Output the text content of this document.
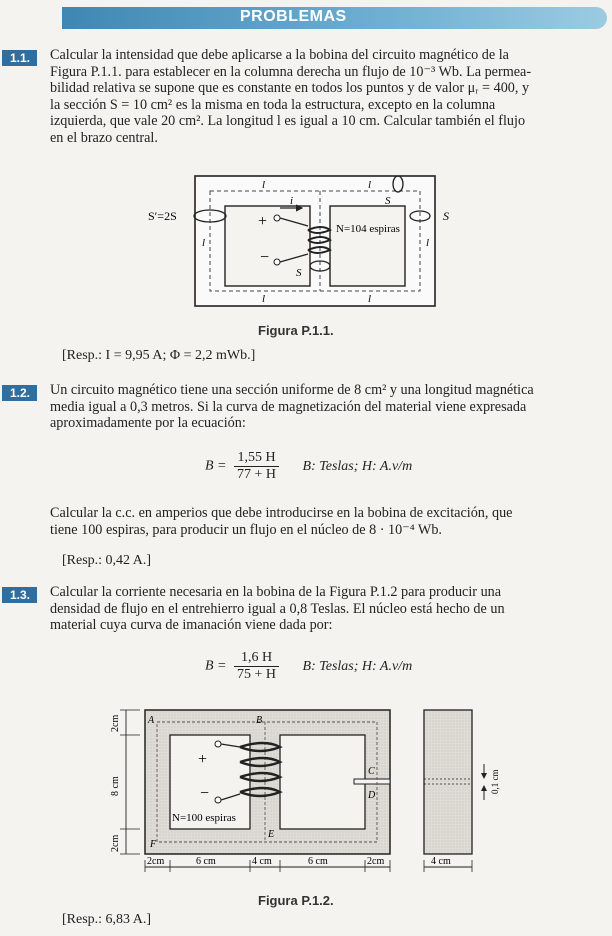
PROBLEMAS
1.1.	Calcular la intensidad que debe aplicarse a la bobina del circuito magnético de la
Figura P.1.1. para establecer en la columna derecha un flujo de 10⁻³ Wb. La permea-
bilidad relativa se supone que es constante en todos los puntos y de valor μᵣ = 400, y
la sección S = 10 cm² es la misma en toda la estructura, excepto en la columna
izquierda, que vale 20 cm². La longitud l es igual a 10 cm. Calcular también el flujo
en el brazo central.
i
+
−
S′=2S	S
S
S
N=104 espiras
l	l
l	l
l	l
Figura P.1.1.
[Resp.: I = 9,95 A; Φ = 2,2 mWb.]
1.2.	Un circuito magnético tiene una sección uniforme de 8 cm² y una longitud magnética
media igual a 0,3 metros. Si la curva de magnetización del material viene expresada
aproximadamente por la ecuación:
$B = \frac{1,55 H}{77 + H} B$: Teslas; H: A.v/m
Calcular la c.c. en amperios que debe introducirse en la bobina de excitación, que
tiene 100 espiras, para producir un flujo en el núcleo de 8 · 10⁻⁴ Wb.
[Resp.: 0,42 A.]
1.3.	Calcular la corriente necesaria en la bobina de la Figura P.1.2 para producir una
densidad de flujo en el entrehierro igual a 0,8 Teslas. El núcleo está hecho de un
material cuya curva de imanación viene dada por:
$B = \frac{1,6 H}{75 + H} B$: Teslas; H: A.v/m
+
−
N=100 espiras
A	B
C
D
E
F
2cm
8 cm
2cm
2cm	6 cm	4 cm	6 cm	2cm
0,1 cm
4 cm
Figura P.1.2.
[Resp.: 6,83 A.]
